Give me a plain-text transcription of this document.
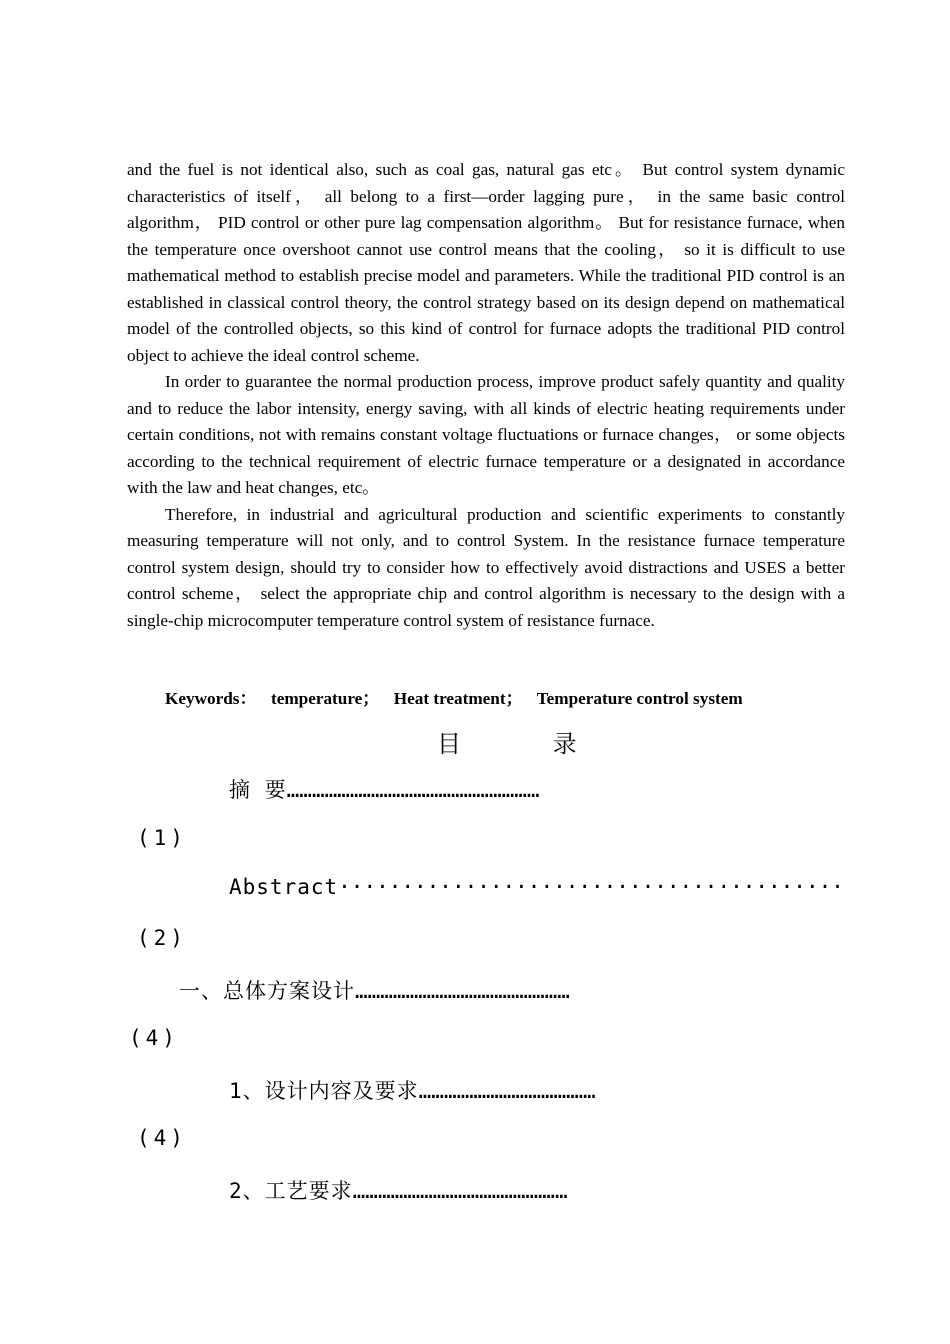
and the fuel is not identical also, such as coal gas, natural gas etc。 But control system dynamic characteristics of itself， all belong to a first—order lagging pure， in the same basic control algorithm， PID control or other pure lag compensation algorithm。 But for resistance furnace, when the temperature once overshoot cannot use control means that the cooling， so it is difficult to use mathematical method to establish precise model and parameters. While the traditional PID control is an established in classical control theory, the control strategy based on its design depend on mathematical model of the controlled objects, so this kind of control for furnace adopts the traditional PID control object to achieve the ideal control scheme.

In order to guarantee the normal production process, improve product safely quantity and quality and to reduce the labor intensity, energy saving, with all kinds of electric heating requirements under certain conditions, not with remains constant voltage fluctuations or furnace changes， or some objects according to the technical requirement of electric furnace temperature or a designated in accordance with the law and heat changes, etc。

Therefore, in industrial and agricultural production and scientific experiments to constantly measuring temperature will not only, and to control System. In the resistance furnace temperature control system design, should try to consider how to effectively avoid distractions and USES a better control scheme， select the appropriate chip and control algorithm is necessary to the design with a single-chip microcomputer temperature control system of resistance furnace.

Keywords： temperature； Heat treatment； Temperature control system
目 录
摘 要……………………………………………………
(1)
Abstract········································
(2)
一、总体方案设计……………………………………………
(4)
1、设计内容及要求……………………………………
(4)
2、工艺要求……………………………………………
